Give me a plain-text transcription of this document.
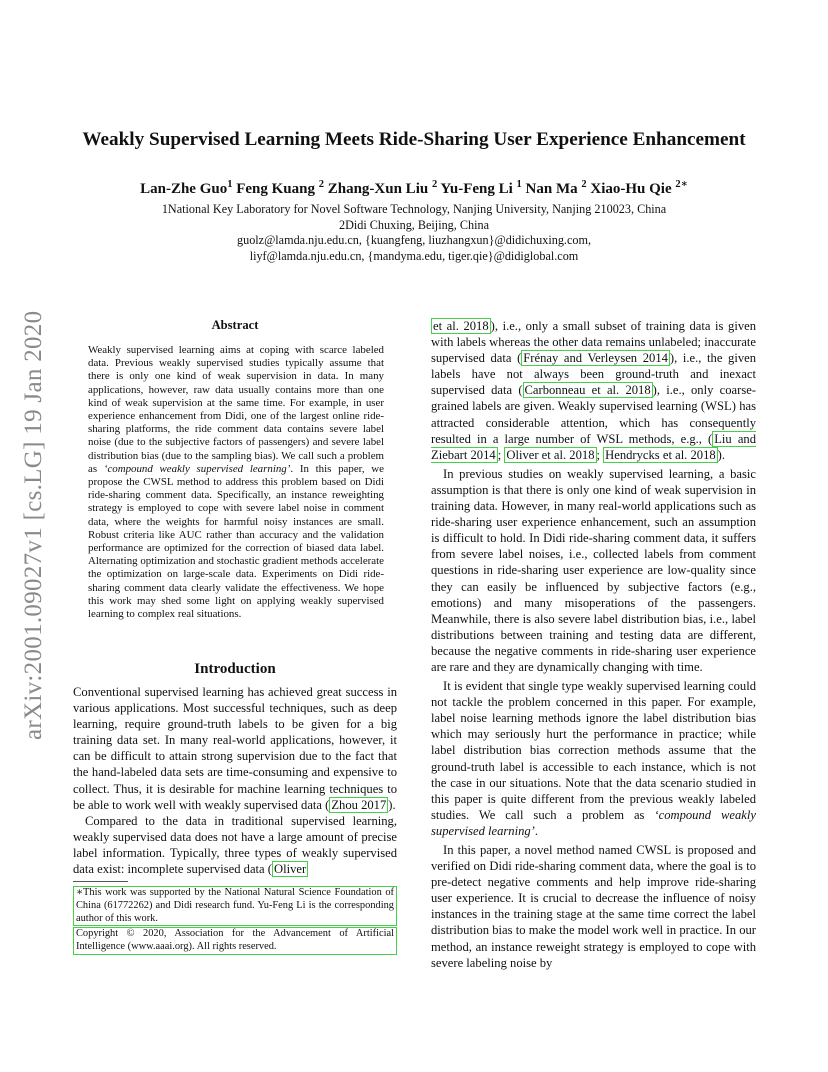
arXiv:2001.09027v1 [cs.LG] 19 Jan 2020
Weakly Supervised Learning Meets Ride-Sharing User Experience Enhancement
Lan-Zhe Guo$^1$ Feng Kuang $^2$ Zhang-Xun Liu $^2$ Yu-Feng Li $^1$ Nan Ma $^2$ Xiao-Hu Qie $^{2∗}$
1National Key Laboratory for Novel Software Technology, Nanjing University, Nanjing 210023, China
2Didi Chuxing, Beijing, China
guolz@lamda.nju.edu.cn, {kuangfeng, liuzhangxun}@didichuxing.com,
liyf@lamda.nju.edu.cn, {mandyma.edu, tiger.qie}@didiglobal.com
Abstract
Weakly supervised learning aims at coping with scarce labeled data. Previous weakly supervised studies typically assume that there is only one kind of weak supervision in data. In many applications, however, raw data usually contains more than one kind of weak supervision at the same time. For example, in user experience enhancement from Didi, one of the largest online ride-sharing platforms, the ride comment data contains severe label noise (due to the subjective factors of passengers) and severe label distribution bias (due to the sampling bias). We call such a problem as ‘compound weakly supervised learning’. In this paper, we propose the CWSL method to address this problem based on Didi ride-sharing comment data. Specifically, an instance reweighting strategy is employed to cope with severe label noise in comment data, where the weights for harmful noisy instances are small. Robust criteria like AUC rather than accuracy and the validation performance are optimized for the correction of biased data label. Alternating optimization and stochastic gradient methods accelerate the optimization on large-scale data. Experiments on Didi ride-sharing comment data clearly validate the effectiveness. We hope this work may shed some light on applying weakly supervised learning to complex real situations.
Introduction

Conventional supervised learning has achieved great success in various applications. Most successful techniques, such as deep learning, require ground-truth labels to be given for a big training data set. In many real-world applications, however, it can be difficult to attain strong supervision due to the fact that the hand-labeled data sets are time-consuming and expensive to collect. Thus, it is desirable for machine learning techniques to be able to work well with weakly supervised data ( Zhou 2017 ).

Compared to the data in traditional supervised learning, weakly supervised data does not have a large amount of precise label information. Typically, three types of weakly supervised data exist: incomplete supervised data ( Oliver

∗This work was supported by the National Natural Science Foundation of China (61772262) and Didi research fund. Yu-Feng Li is the corresponding author of this work.
Copyright © 2020, Association for the Advancement of Artificial Intelligence (www.aaai.org). All rights reserved.

et al. 2018 ), i.e., only a small subset of training data is given with labels whereas the other data remains unlabeled; inaccurate supervised data ( Frénay and Verleysen 2014 ), i.e., the given labels have not always been ground-truth and inexact supervised data ( Carbonneau et al. 2018 ), i.e., only coarse-grained labels are given. Weakly supervised learning (WSL) has attracted considerable attention, which has consequently resulted in a large number of WSL methods, e.g., ( Liu and Ziebart 2014 ; Oliver et al. 2018 ; Hendrycks et al. 2018 ).

In previous studies on weakly supervised learning, a basic assumption is that there is only one kind of weak supervision in training data. However, in many real-world applications such as ride-sharing user experience enhancement, such an assumption is difficult to hold. In Didi ride-sharing comment data, it suffers from severe label noises, i.e., collected labels from comment questions in ride-sharing user experience are low-quality since they can easily be influenced by subjective factors (e.g., emotions) and many misoperations of the passengers. Meanwhile, there is also severe label distribution bias, i.e., label distributions between training and testing data are different, because the negative comments in ride-sharing user experience are rare and they are dynamically changing with time.

It is evident that single type weakly supervised learning could not tackle the problem concerned in this paper. For example, label noise learning methods ignore the label distribution bias which may seriously hurt the performance in practice; while label distribution bias correction methods assume that the ground-truth label is accessible to each instance, which is not the case in our situations. Note that the data scenario studied in this paper is quite different from the previous weakly labeled studies. We call such a problem as ‘compound weakly supervised learning’.

In this paper, a novel method named CWSL is proposed and verified on Didi ride-sharing comment data, where the goal is to pre-detect negative comments and help improve ride-sharing user experience. It is crucial to decrease the influence of noisy instances in the training stage at the same time correct the label distribution bias to make the model work well in practice. In our method, an instance reweight strategy is employed to cope with severe labeling noise by
